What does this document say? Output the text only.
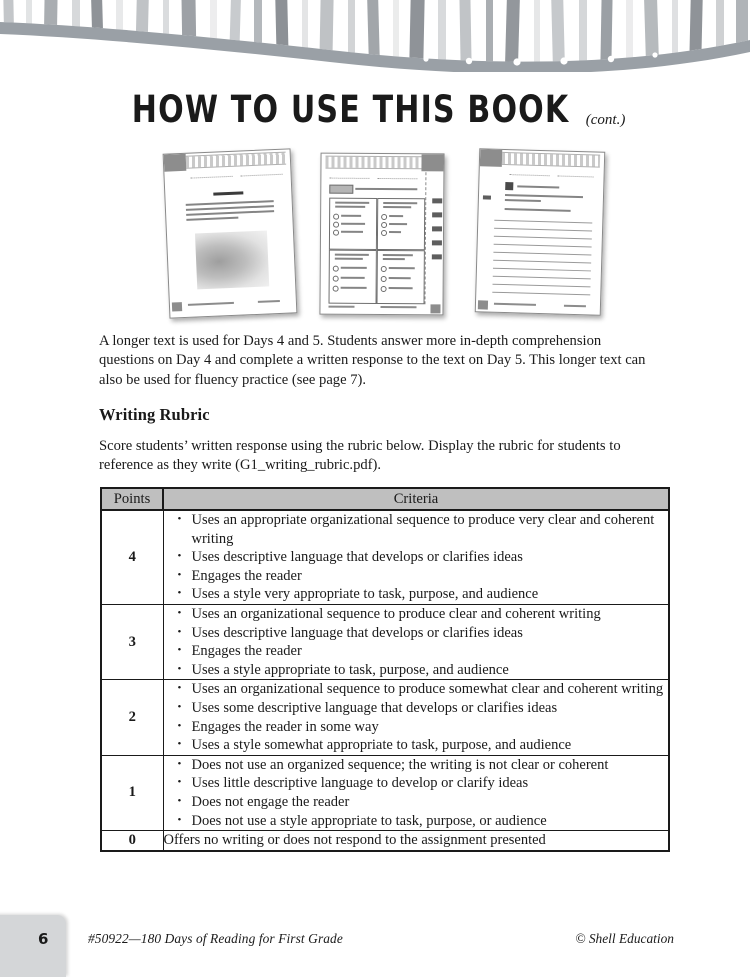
HOW TO USE THIS BOOK (cont.)

A longer text is used for Days 4 and 5. Students answer more in-depth comprehension questions on Day 4 and complete a written response to the text on Day 5. This longer text can also be used for fluency practice (see page 7).

Writing Rubric

Score students’ written response using the rubric below. Display the rubric for students to reference as they write (G1_writing_rubric.pdf).

Points	Criteria
4	
• Uses an appropriate organizational sequence to produce very clear and coherent writing
• Uses descriptive language that develops or clarifies ideas
• Engages the reader
• Uses a style very appropriate to task, purpose, and audience

3	
• Uses an organizational sequence to produce clear and coherent writing
• Uses descriptive language that develops or clarifies ideas
• Engages the reader
• Uses a style appropriate to task, purpose, and audience

2	
• Uses an organizational sequence to produce somewhat clear and coherent writing
• Uses some descriptive language that develops or clarifies ideas
• Engages the reader in some way
• Uses a style somewhat appropriate to task, purpose, and audience

1	
• Does not use an organized sequence; the writing is not clear or coherent
• Uses little descriptive language to develop or clarify ideas
• Does not engage the reader
• Does not use a style appropriate to task, purpose, or audience

0	Offers no writing or does not respond to the assignment presented
6	#50922—180 Days of Reading for First Grade	© Shell Education
